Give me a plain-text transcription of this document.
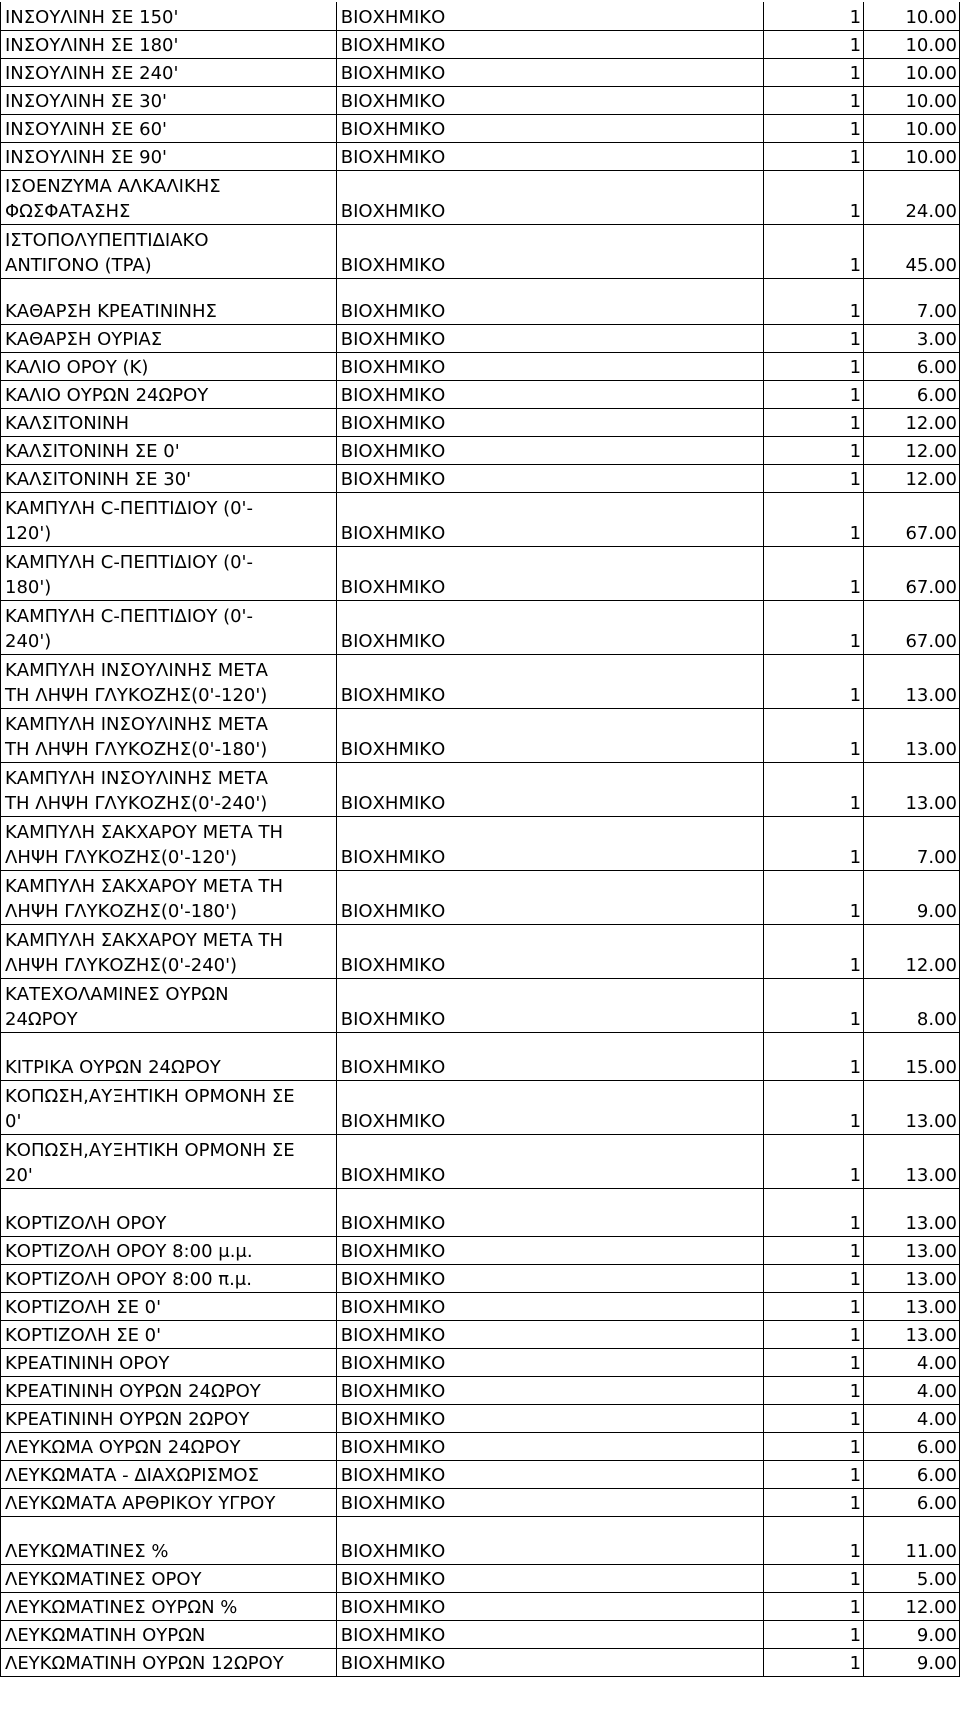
ΙΝΣΟΥΛΙΝΗ ΣΕ 150'	ΒΙΟΧΗΜΙΚΟ	1	10.00

ΙΝΣΟΥΛΙΝΗ ΣΕ 180'	ΒΙΟΧΗΜΙΚΟ	1	10.00

ΙΝΣΟΥΛΙΝΗ ΣΕ 240'	ΒΙΟΧΗΜΙΚΟ	1	10.00

ΙΝΣΟΥΛΙΝΗ ΣΕ 30'	ΒΙΟΧΗΜΙΚΟ	1	10.00

ΙΝΣΟΥΛΙΝΗ ΣΕ 60'	ΒΙΟΧΗΜΙΚΟ	1	10.00

ΙΝΣΟΥΛΙΝΗ ΣΕ 90'	ΒΙΟΧΗΜΙΚΟ	1	10.00

ΙΣΟΕΝΖΥΜΑ ΑΛΚΑΛΙΚΗΣ
ΦΩΣΦΑΤΑΣΗΣ	ΒΙΟΧΗΜΙΚΟ	1	24.00

ΙΣΤΟΠΟΛΥΠΕΠΤΙΔΙΑΚΟ
ΑΝΤΙΓΟΝΟ (TPA)	ΒΙΟΧΗΜΙΚΟ	1	45.00

ΚΑΘΑΡΣΗ ΚΡΕΑΤΙΝΙΝΗΣ	ΒΙΟΧΗΜΙΚΟ	1	7.00

ΚΑΘΑΡΣΗ ΟΥΡΙΑΣ	ΒΙΟΧΗΜΙΚΟ	1	3.00

ΚΑΛΙΟ ΟΡΟΥ (Κ)	ΒΙΟΧΗΜΙΚΟ	1	6.00

ΚΑΛΙΟ ΟΥΡΩΝ 24ΩΡΟΥ	ΒΙΟΧΗΜΙΚΟ	1	6.00

ΚΑΛΣΙΤΟΝΙΝΗ	ΒΙΟΧΗΜΙΚΟ	1	12.00

ΚΑΛΣΙΤΟΝΙΝΗ ΣΕ 0'	ΒΙΟΧΗΜΙΚΟ	1	12.00

ΚΑΛΣΙΤΟΝΙΝΗ ΣΕ 30'	ΒΙΟΧΗΜΙΚΟ	1	12.00

ΚΑΜΠΥΛΗ C-ΠΕΠΤΙΔΙΟΥ (0'-
120')	ΒΙΟΧΗΜΙΚΟ	1	67.00

ΚΑΜΠΥΛΗ C-ΠΕΠΤΙΔΙΟΥ (0'-
180')	ΒΙΟΧΗΜΙΚΟ	1	67.00

ΚΑΜΠΥΛΗ C-ΠΕΠΤΙΔΙΟΥ (0'-
240')	ΒΙΟΧΗΜΙΚΟ	1	67.00

ΚΑΜΠΥΛΗ ΙΝΣΟΥΛΙΝΗΣ ΜΕΤΑ
ΤΗ ΛΗΨΗ ΓΛΥΚΟΖΗΣ(0'-120')	ΒΙΟΧΗΜΙΚΟ	1	13.00

ΚΑΜΠΥΛΗ ΙΝΣΟΥΛΙΝΗΣ ΜΕΤΑ
ΤΗ ΛΗΨΗ ΓΛΥΚΟΖΗΣ(0'-180')	ΒΙΟΧΗΜΙΚΟ	1	13.00

ΚΑΜΠΥΛΗ ΙΝΣΟΥΛΙΝΗΣ ΜΕΤΑ
ΤΗ ΛΗΨΗ ΓΛΥΚΟΖΗΣ(0'-240')	ΒΙΟΧΗΜΙΚΟ	1	13.00

ΚΑΜΠΥΛΗ ΣΑΚΧΑΡΟΥ ΜΕΤΑ ΤΗ
ΛΗΨΗ ΓΛΥΚΟΖΗΣ(0'-120')	ΒΙΟΧΗΜΙΚΟ	1	7.00

ΚΑΜΠΥΛΗ ΣΑΚΧΑΡΟΥ ΜΕΤΑ ΤΗ
ΛΗΨΗ ΓΛΥΚΟΖΗΣ(0'-180')	ΒΙΟΧΗΜΙΚΟ	1	9.00

ΚΑΜΠΥΛΗ ΣΑΚΧΑΡΟΥ ΜΕΤΑ ΤΗ
ΛΗΨΗ ΓΛΥΚΟΖΗΣ(0'-240')	ΒΙΟΧΗΜΙΚΟ	1	12.00

ΚΑΤΕΧΟΛΑΜΙΝΕΣ ΟΥΡΩΝ
24ΩΡΟΥ	ΒΙΟΧΗΜΙΚΟ	1	8.00

ΚΙΤΡΙΚΑ ΟΥΡΩΝ 24ΩΡΟΥ	ΒΙΟΧΗΜΙΚΟ	1	15.00

ΚΟΠΩΣΗ,ΑΥΞΗΤΙΚΗ ΟΡΜΟΝΗ ΣΕ
0'	ΒΙΟΧΗΜΙΚΟ	1	13.00

ΚΟΠΩΣΗ,ΑΥΞΗΤΙΚΗ ΟΡΜΟΝΗ ΣΕ
20'	ΒΙΟΧΗΜΙΚΟ	1	13.00

ΚΟΡΤΙΖΟΛΗ ΟΡΟΥ	ΒΙΟΧΗΜΙΚΟ	1	13.00

ΚΟΡΤΙΖΟΛΗ ΟΡΟΥ 8:00 μ.μ.	ΒΙΟΧΗΜΙΚΟ	1	13.00

ΚΟΡΤΙΖΟΛΗ ΟΡΟΥ 8:00 π.μ.	ΒΙΟΧΗΜΙΚΟ	1	13.00

ΚΟΡΤΙΖΟΛΗ ΣΕ 0'	ΒΙΟΧΗΜΙΚΟ	1	13.00

ΚΟΡΤΙΖΟΛΗ ΣΕ 0'	ΒΙΟΧΗΜΙΚΟ	1	13.00

ΚΡΕΑΤΙΝΙΝΗ ΟΡΟΥ	ΒΙΟΧΗΜΙΚΟ	1	4.00

ΚΡΕΑΤΙΝΙΝΗ ΟΥΡΩΝ 24ΩΡΟΥ	ΒΙΟΧΗΜΙΚΟ	1	4.00

ΚΡΕΑΤΙΝΙΝΗ ΟΥΡΩΝ 2ΩΡΟΥ	ΒΙΟΧΗΜΙΚΟ	1	4.00

ΛΕΥΚΩΜΑ ΟΥΡΩΝ 24ΩΡΟΥ	ΒΙΟΧΗΜΙΚΟ	1	6.00

ΛΕΥΚΩΜΑΤΑ - ΔΙΑΧΩΡΙΣΜΟΣ	ΒΙΟΧΗΜΙΚΟ	1	6.00

ΛΕΥΚΩΜΑΤΑ ΑΡΘΡΙΚΟΥ ΥΓΡΟΥ	ΒΙΟΧΗΜΙΚΟ	1	6.00

ΛΕΥΚΩΜΑΤΙΝΕΣ %	ΒΙΟΧΗΜΙΚΟ	1	11.00

ΛΕΥΚΩΜΑΤΙΝΕΣ ΟΡΟΥ	ΒΙΟΧΗΜΙΚΟ	1	5.00

ΛΕΥΚΩΜΑΤΙΝΕΣ ΟΥΡΩΝ %	ΒΙΟΧΗΜΙΚΟ	1	12.00

ΛΕΥΚΩΜΑΤΙΝΗ ΟΥΡΩΝ	ΒΙΟΧΗΜΙΚΟ	1	9.00

ΛΕΥΚΩΜΑΤΙΝΗ ΟΥΡΩΝ 12ΩΡΟΥ	ΒΙΟΧΗΜΙΚΟ	1	9.00
